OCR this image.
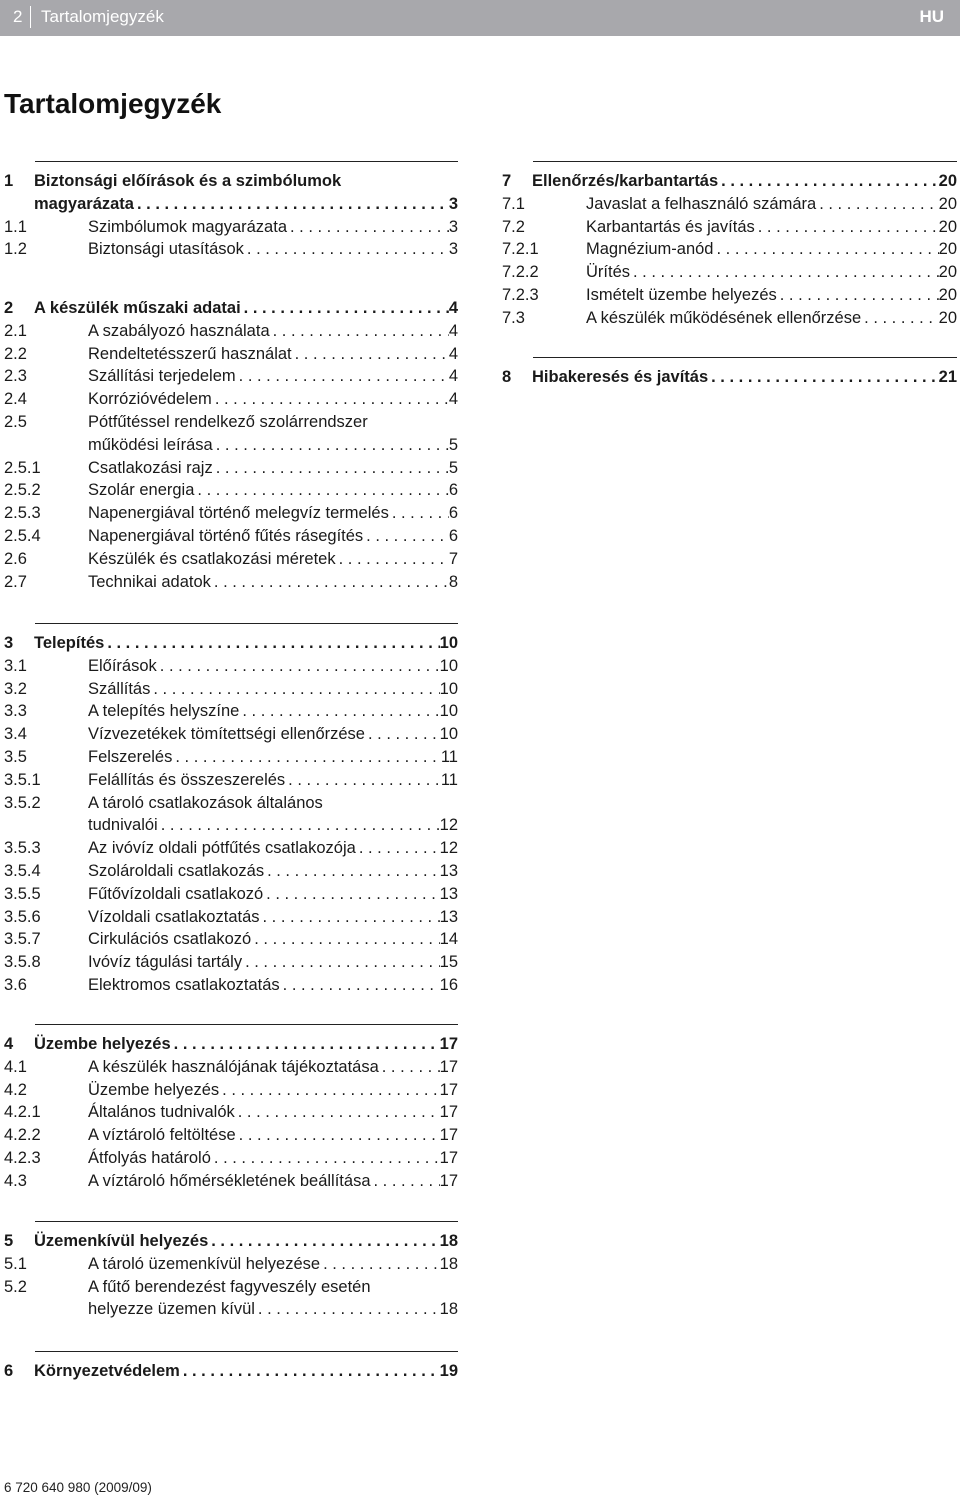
2 Tartalomjegyzék	HU
Tartalomjegyzék
1 Biztonsági előírások és a szimbólumok
magyarázata . . .	3
1.1	Szimbólumok magyarázata . . .	3
1.2	Biztonsági utasítások . . .	3
2 A készülék műszaki adatai . . .	4
2.1	A szabályozó használata . . .	4
2.2	Rendeltetésszerű használat . . .	4
2.3	Szállítási terjedelem . . .	4
2.4	Korrózióvédelem . . .	4
2.5	Pótfűtéssel rendelkező szolárrendszer
működési leírása . . .	5
2.5.1	Csatlakozási rajz . . .	5
2.5.2	Szolár energia . . .	6
2.5.3	Napenergiával történő melegvíz termelés . . .	6
2.5.4	Napenergiával történő fűtés rásegítés . . .	6
2.6	Készülék és csatlakozási méretek . . .	7
2.7	Technikai adatok . . .	8
3 Telepítés . . .	10
3.1	Előírások . . .	10
3.2	Szállítás . . .	10
3.3	A telepítés helyszíne . . .	10
3.4	Vízvezetékek tömítettségi ellenőrzése . . .	10
3.5	Felszerelés . . .	11
3.5.1	Felállítás és összeszerelés . . .	11
3.5.2	A tároló csatlakozások általános
tudnivalói . . .	12
3.5.3	Az ivóvíz oldali pótfűtés csatlakozója . . .	12
3.5.4	Szolároldali csatlakozás . . .	13
3.5.5	Fűtővízoldali csatlakozó . . .	13
3.5.6	Vízoldali csatlakoztatás . . .	13
3.5.7	Cirkulációs csatlakozó . . .	14
3.5.8	Ivóvíz tágulási tartály . . .	15
3.6	Elektromos csatlakoztatás . . .	16
4 Üzembe helyezés . . .	17
4.1	A készülék használójának tájékoztatása . . .	17
4.2	Üzembe helyezés . . .	17
4.2.1	Általános tudnivalók . . .	17
4.2.2	A víztároló feltöltése . . .	17
4.2.3	Átfolyás határoló . . .	17
4.3	A víztároló hőmérsékletének beállítása . . .	17
5 Üzemenkívül helyezés . . .	18
5.1	A tároló üzemenkívül helyezése . . .	18
5.2	A fűtő berendezést fagyveszély esetén
helyezze üzemen kívül . . .	18
6 Környezetvédelem . . .	19
7 Ellenőrzés/karbantartás . . .	20
7.1	Javaslat a felhasználó számára . . .	20
7.2	Karbantartás és javítás . . .	20
7.2.1	Magnézium-anód . . .	20
7.2.2	Ürítés . . .	20
7.2.3	Ismételt üzembe helyezés . . .	20
7.3	A készülék működésének ellenőrzése . . .	20
8 Hibakeresés és javítás . . .	21
6 720 640 980 (2009/09)
